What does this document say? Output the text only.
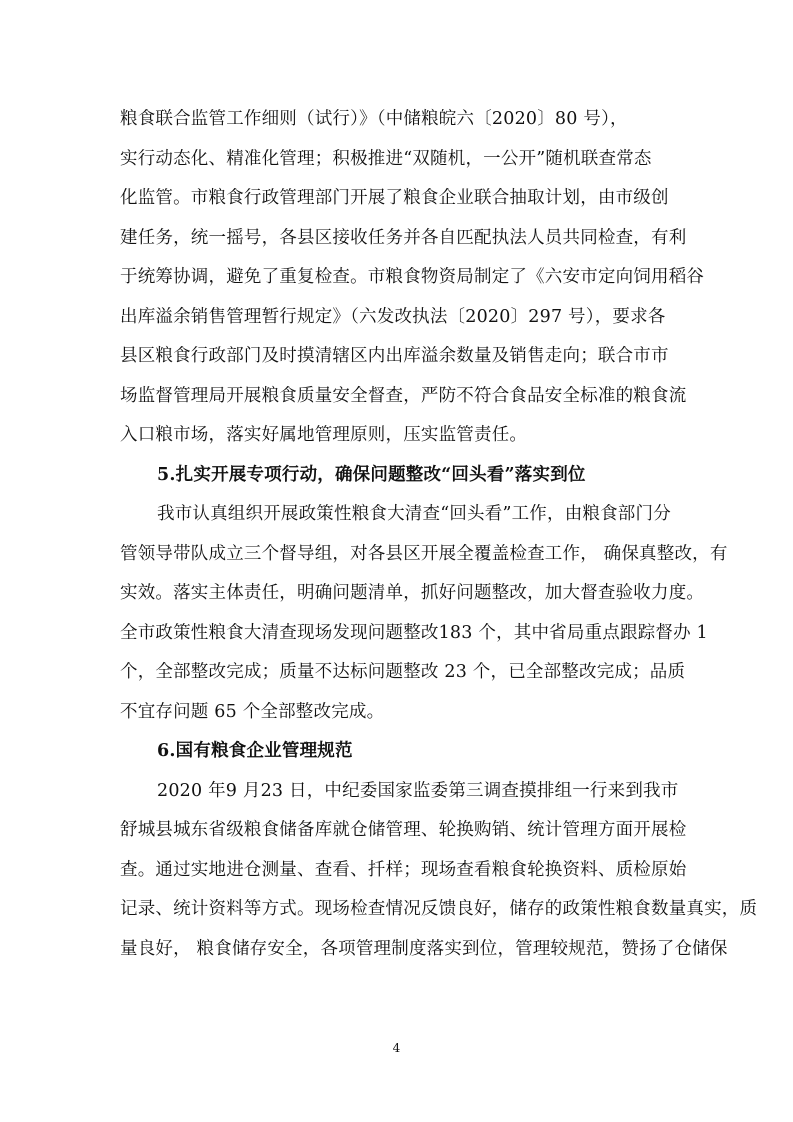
粮食联合监管工作细则（试行）》（中储粮皖六〔2020〕80 号），
实行动态化、精准化管理；积极推进“双随机，一公开”随机联查常态
化监管。市粮食行政管理部门开展了粮食企业联合抽取计划，由市级创
建任务，统一摇号，各县区接收任务并各自匹配执法人员共同检查，有利
于统筹协调，避免了重复检查。市粮食物资局制定了《六安市定向饲用稻谷
出库溢余销售管理暂行规定》（六发改执法〔2020〕297 号），要求各
县区粮食行政部门及时摸清辖区内出库溢余数量及销售走向；联合市市
场监督管理局开展粮食质量安全督查，严防不符合食品安全标准的粮食流
入口粮市场，落实好属地管理原则，压实监管责任。
5.扎实开展专项行动，确保问题整改“回头看”落实到位
我市认真组织开展政策性粮食大清查“回头看”工作，由粮食部门分
管领导带队成立三个督导组，对各县区开展全覆盖检查工作， 确保真整改，有
实效。落实主体责任，明确问题清单，抓好问题整改，加大督查验收力度。
全市政策性粮食大清查现场发现问题整改183 个，其中省局重点跟踪督办 1
个，全部整改完成；质量不达标问题整改 23 个，已全部整改完成；品质
不宜存问题 65 个全部整改完成。
6.国有粮食企业管理规范
2020 年9 月23 日，中纪委国家监委第三调查摸排组一行来到我市
舒城县城东省级粮食储备库就仓储管理、轮换购销、统计管理方面开展检
查。通过实地进仓测量、查看、扦样；现场查看粮食轮换资料、质检原始
记录、统计资料等方式。现场检查情况反馈良好，储存的政策性粮食数量真实，质
量良好， 粮食储存安全，各项管理制度落实到位，管理较规范，赞扬了仓储保
4
